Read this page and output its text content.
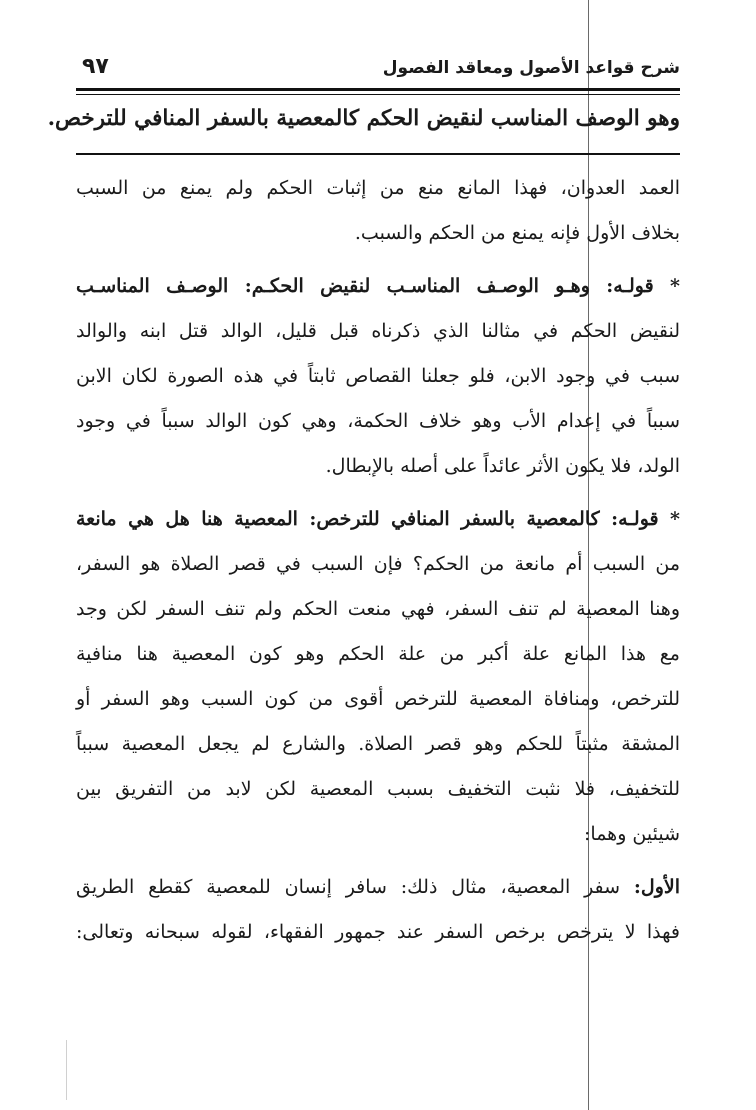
شرح قواعد الأصول ومعاقد الفصول
٩٧
وهو الوصف المناسب لنقيض الحكم كالمعصية بالسفر المنافي للترخص.
العمد العدوان، فهذا المانع منع من إثبات الحكم ولم يمنع من السبب
بخلاف الأول فإنه يمنع من الحكم والسبب.
* قولـه: وهـو الوصـف المناسـب لنقيض الحكـم: الوصـف المناسـب
لنقيض الحكم في مثالنا الذي ذكرناه قبل قليل، الوالد قتل ابنه والوالد
سبب في وجود الابن، فلو جعلنا القصاص ثابتاً في هذه الصورة لكان الابن
سبباً في إعدام الأب وهو خلاف الحكمة، وهي كون الوالد سبباً في وجود
الولد، فلا يكون الأثر عائداً على أصله بالإبطال.
* قولـه: كالمعصية بالسفر المنافي للترخص: المعصية هنا هل هي مانعة
من السبب أم مانعة من الحكم؟ فإن السبب في قصر الصلاة هو السفر،
وهنا المعصية لم تنف السفر، فهي منعت الحكم ولم تنف السفر لكن وجد
مع هذا المانع علة أكبر من علة الحكم وهو كون المعصية هنا منافية
للترخص، ومنافاة المعصية للترخص أقوى من كون السبب وهو السفر أو
المشقة مثبتاً للحكم وهو قصر الصلاة. والشارع لم يجعل المعصية سبباً
للتخفيف، فلا نثبت التخفيف بسبب المعصية لكن لابد من التفريق بين
شيئين وهما:
الأول: سفر المعصية، مثال ذلك: سافر إنسان للمعصية كقطع الطريق
فهذا لا يترخص برخص السفر عند جمهور الفقهاء، لقوله سبحانه وتعالى:
